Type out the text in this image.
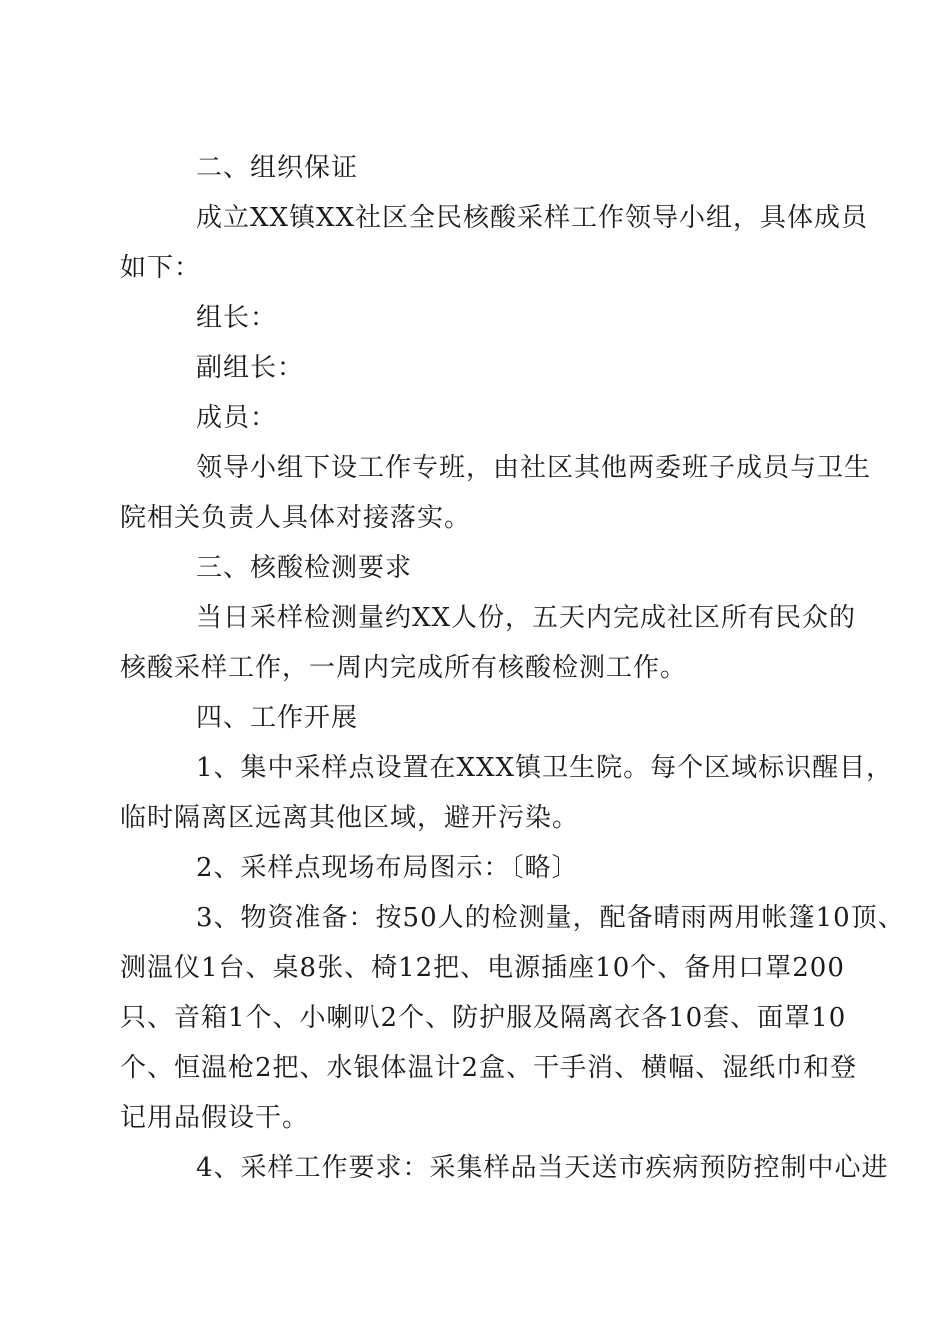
二、组织保证
成立XX镇XX社区全民核酸采样工作领导小组，具体成员
如下：
组长：
副组长：
成员：
领导小组下设工作专班，由社区其他两委班子成员与卫生
院相关负责人具体对接落实。
三、核酸检测要求
当日采样检测量约XX人份，五天内完成社区所有民众的
核酸采样工作，一周内完成所有核酸检测工作。
四、工作开展
1、集中采样点设置在XXX镇卫生院。每个区域标识醒目，
临时隔离区远离其他区域，避开污染。
2、采样点现场布局图示：〔略〕
3、物资准备：按50人的检测量，配备晴雨两用帐篷10顶、
测温仪1台、桌8张、椅12把、电源插座10个、备用口罩200
只、音箱1个、小喇叭2个、防护服及隔离衣各10套、面罩10
个、恒温枪2把、水银体温计2盒、干手消、横幅、湿纸巾和登
记用品假设干。
4、采样工作要求：采集样品当天送市疾病预防控制中心进
